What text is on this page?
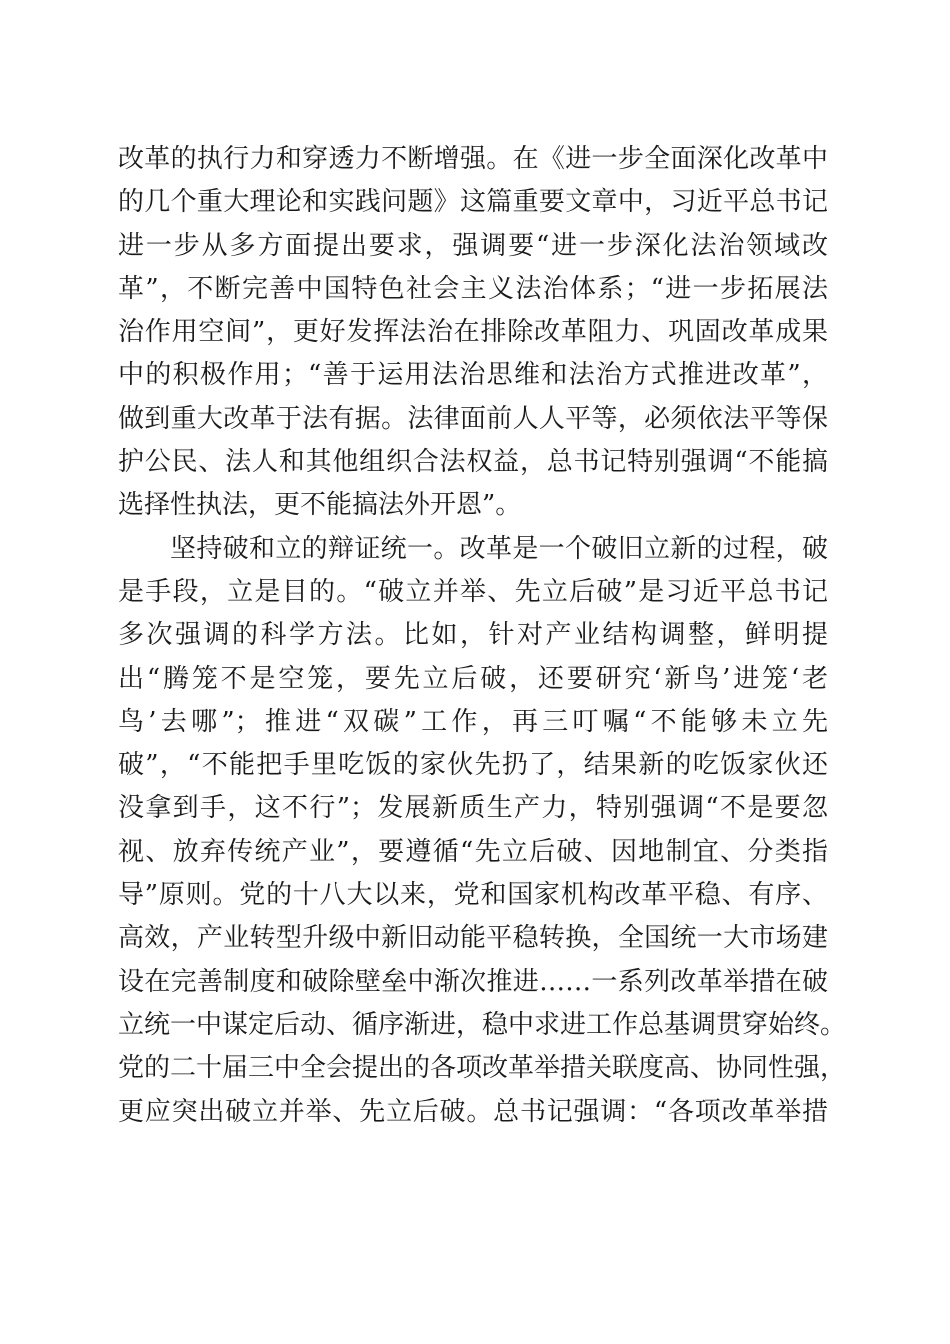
改革的执行力和穿透力不断增强。在《进一步全面深化改革中
的几个重大理论和实践问题》这篇重要文章中，习近平总书记
进一步从多方面提出要求，强调要“进一步深化法治领域改
革”，不断完善中国特色社会主义法治体系；“进一步拓展法
治作用空间”，更好发挥法治在排除改革阻力、巩固改革成果
中的积极作用；“善于运用法治思维和法治方式推进改革”，
做到重大改革于法有据。法律面前人人平等，必须依法平等保
护公民、法人和其他组织合法权益，总书记特别强调“不能搞
选择性执法，更不能搞法外开恩”。
坚持破和立的辩证统一。改革是一个破旧立新的过程，破
是手段，立是目的。“破立并举、先立后破”是习近平总书记
多次强调的科学方法。比如，针对产业结构调整，鲜明提
出“腾笼不是空笼，要先立后破，还要研究‘新鸟’进笼‘老
鸟’去哪”；推进“双碳”工作，再三叮嘱“不能够未立先
破”，“不能把手里吃饭的家伙先扔了，结果新的吃饭家伙还
没拿到手，这不行”；发展新质生产力，特别强调“不是要忽
视、放弃传统产业”，要遵循“先立后破、因地制宜、分类指
导”原则。党的十八大以来，党和国家机构改革平稳、有序、
高效，产业转型升级中新旧动能平稳转换，全国统一大市场建
设在完善制度和破除壁垒中渐次推进……一系列改革举措在破
立统一中谋定后动、循序渐进，稳中求进工作总基调贯穿始终。
党的二十届三中全会提出的各项改革举措关联度高、协同性强，
更应突出破立并举、先立后破。总书记强调：“各项改革举措
